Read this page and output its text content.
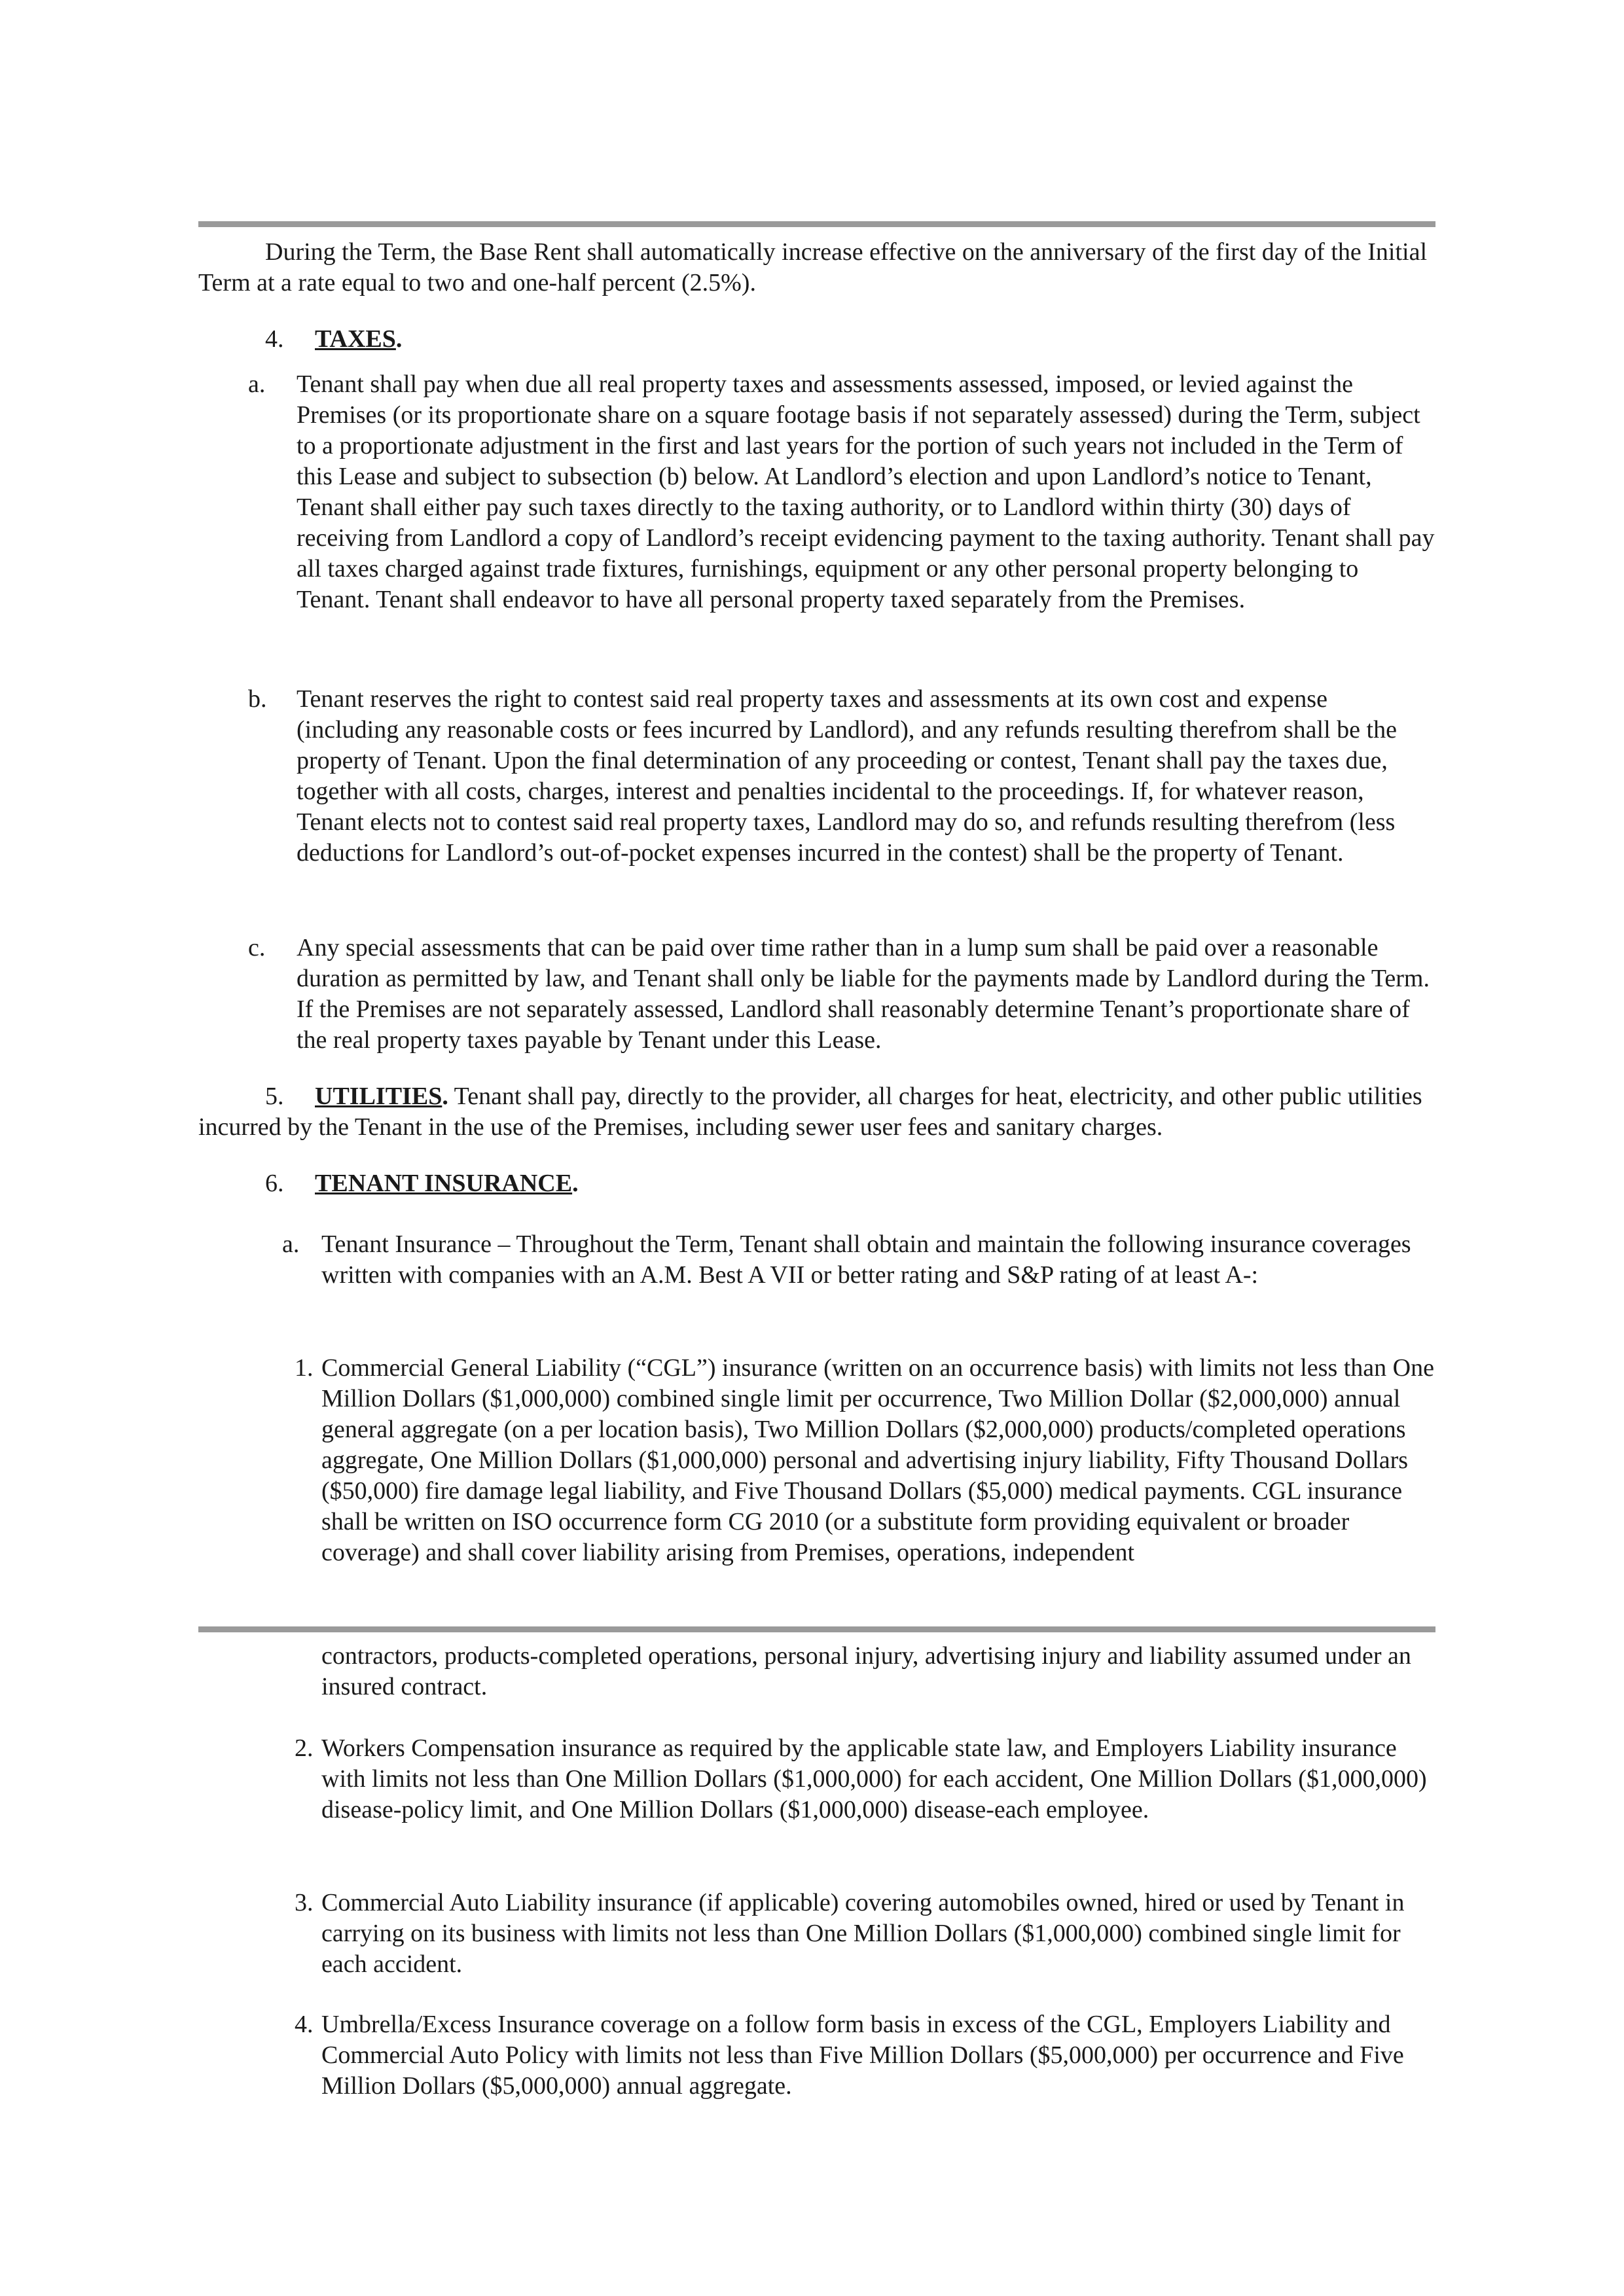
During the Term, the Base Rent shall automatically increase effective on the anniversary of the first day of the Initial Term at a rate equal to two and one-half percent (2.5%).

4. TAXES.

a. Tenant shall pay when due all real property taxes and assessments assessed, imposed, or levied against the Premises (or its proportionate share on a square footage basis if not separately assessed) during the Term, subject to a proportionate adjustment in the first and last years for the portion of such years not included in the Term of this Lease and subject to subsection (b) below. At Landlord’s election and upon Landlord’s notice to Tenant, Tenant shall either pay such taxes directly to the taxing authority, or to Landlord within thirty (30) days of receiving from Landlord a copy of Landlord’s receipt evidencing payment to the taxing authority. Tenant shall pay all taxes charged against trade fixtures, furnishings, equipment or any other personal property belonging to Tenant. Tenant shall endeavor to have all personal property taxed separately from the Premises.
b. Tenant reserves the right to contest said real property taxes and assessments at its own cost and expense (including any reasonable costs or fees incurred by Landlord), and any refunds resulting therefrom shall be the property of Tenant. Upon the final determination of any proceeding or contest, Tenant shall pay the taxes due, together with all costs, charges, interest and penalties incidental to the proceedings. If, for whatever reason, Tenant elects not to contest said real property taxes, Landlord may do so, and refunds resulting therefrom (less deductions for Landlord’s out-of-pocket expenses incurred in the contest) shall be the property of Tenant.
c. Any special assessments that can be paid over time rather than in a lump sum shall be paid over a reasonable duration as permitted by law, and Tenant shall only be liable for the payments made by Landlord during the Term. If the Premises are not separately assessed, Landlord shall reasonably determine Tenant’s proportionate share of the real property taxes payable by Tenant under this Lease.

5. UTILITIES. Tenant shall pay, directly to the provider, all charges for heat, electricity, and other public utilities incurred by the Tenant in the use of the Premises, including sewer user fees and sanitary charges.

6. TENANT INSURANCE.

a. Tenant Insurance – Throughout the Term, Tenant shall obtain and maintain the following insurance coverages written with companies with an A.M. Best A VII or better rating and S&P rating of at least A-:
1. Commercial General Liability (“CGL”) insurance (written on an occurrence basis) with limits not less than One Million Dollars ($1,000,000) combined single limit per occurrence, Two Million Dollar ($2,000,000) annual general aggregate (on a per location basis), Two Million Dollars ($2,000,000) products/completed operations aggregate, One Million Dollars ($1,000,000) personal and advertising injury liability, Fifty Thousand Dollars ($50,000) fire damage legal liability, and Five Thousand Dollars ($5,000) medical payments. CGL insurance shall be written on ISO occurrence form CG 2010 (or a substitute form providing equivalent or broader coverage) and shall cover liability arising from Premises, operations, independent

contractors, products-completed operations, personal injury, advertising injury and liability assumed under an insured contract.

2. Workers Compensation insurance as required by the applicable state law, and Employers Liability insurance with limits not less than One Million Dollars ($1,000,000) for each accident, One Million Dollars ($1,000,000) disease-policy limit, and One Million Dollars ($1,000,000) disease-each employee.
3. Commercial Auto Liability insurance (if applicable) covering automobiles owned, hired or used by Tenant in carrying on its business with limits not less than One Million Dollars ($1,000,000) combined single limit for each accident.
4. Umbrella/Excess Insurance coverage on a follow form basis in excess of the CGL, Employers Liability and Commercial Auto Policy with limits not less than Five Million Dollars ($5,000,000) per occurrence and Five Million Dollars ($5,000,000) annual aggregate.
